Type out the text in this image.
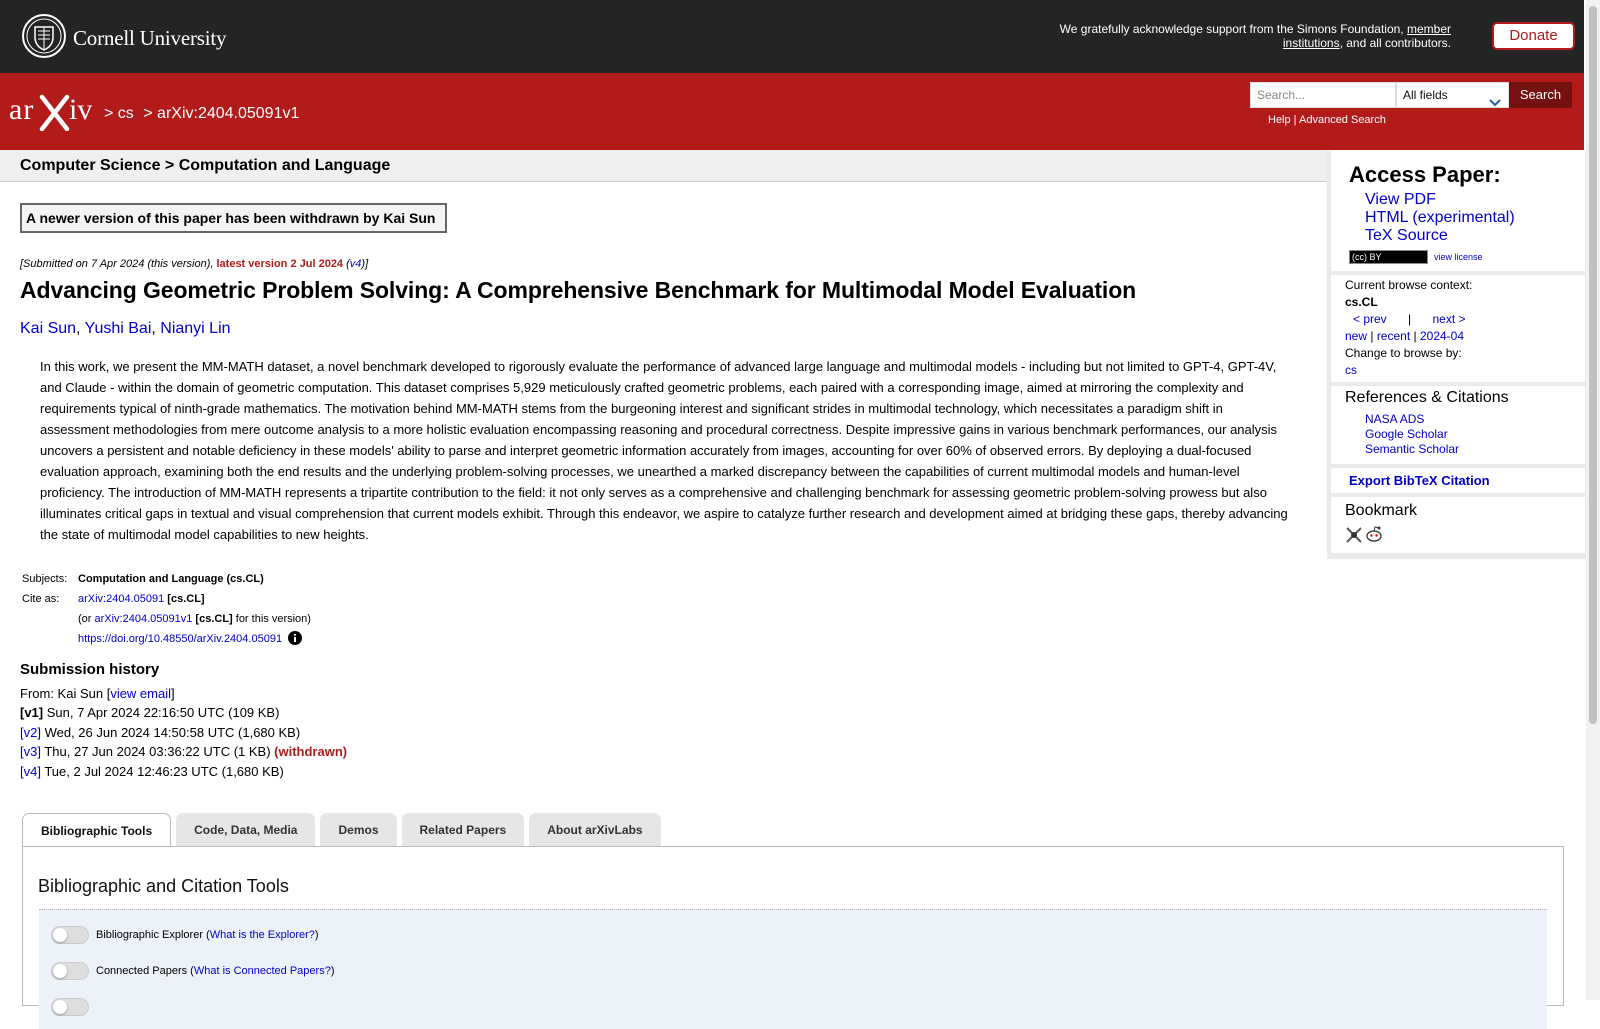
Cornell University	We gratefully acknowledge support from the Simons Foundation, member institutions, and all contributors.	Donate
ar iv > cs > arXiv:2404.05091v1
Search...
All fields	Search
Help | Advanced Search
Computer Science > Computation and Language
A newer version of this paper has been withdrawn by Kai Sun
[Submitted on 7 Apr 2024 (this version), latest version 2 Jul 2024 (v4)]
Advancing Geometric Problem Solving: A Comprehensive Benchmark for Multimodal Model Evaluation
Kai Sun, Yushi Bai, Nianyi Lin

In this work, we present the MM-MATH dataset, a novel benchmark developed to rigorously evaluate the performance of advanced large language and multimodal models - including but not limited to GPT-4, GPT-4V, and Claude - within the domain of geometric computation. This dataset comprises 5,929 meticulously crafted geometric problems, each paired with a corresponding image, aimed at mirroring the complexity and requirements typical of ninth-grade mathematics. The motivation behind MM-MATH stems from the burgeoning interest and significant strides in multimodal technology, which necessitates a paradigm shift in assessment methodologies from mere outcome analysis to a more holistic evaluation encompassing reasoning and procedural correctness. Despite impressive gains in various benchmark performances, our analysis uncovers a persistent and notable deficiency in these models' ability to parse and interpret geometric information accurately from images, accounting for over 60% of observed errors. By deploying a dual-focused evaluation approach, examining both the end results and the underlying problem-solving processes, we unearthed a marked discrepancy between the capabilities of current multimodal models and human-level proficiency. The introduction of MM-MATH represents a tripartite contribution to the field: it not only serves as a comprehensive and challenging benchmark for assessing geometric problem-solving prowess but also illuminates critical gaps in textual and visual comprehension that current models exhibit. Through this endeavor, we aspire to catalyze further research and development aimed at bridging these gaps, thereby advancing the state of multimodal model capabilities to new heights.

Subjects: Computation and Language (cs.CL)
Cite as:	arXiv:2404.05091 [cs.CL]
(or arXiv:2404.05091v1 [cs.CL] for this version)
https://doi.org/10.48550/arXiv.2404.05091
Submission history
From: Kai Sun [view email]
[v1] Sun, 7 Apr 2024 22:16:50 UTC (109 KB)
[v2] Wed, 26 Jun 2024 14:50:58 UTC (1,680 KB)
[v3] Thu, 27 Jun 2024 03:36:22 UTC (1 KB) (withdrawn)
[v4] Tue, 2 Jul 2024 12:46:23 UTC (1,680 KB)
Bibliographic Tools	Code, Data, Media	Demos	Related Papers	About arXivLabs
Bibliographic and Citation Tools
Bibliographic Explorer ( What is the Explorer? )
Connected Papers ( What is Connected Papers? )
Access Paper:
View PDF
HTML (experimental)
TeX Source
(cc) BY	view license
Current browse context:
cs.CL
< prev | next >
new | recent | 2024-04
Change to browse by:
cs
References & Citations
NASA ADS
Google Scholar
Semantic Scholar
Export BibTeX Citation
Bookmark
